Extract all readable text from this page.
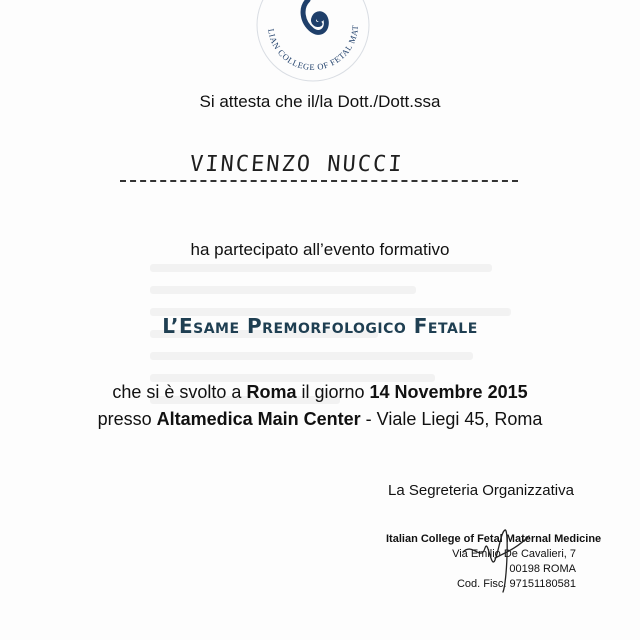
LIAN COLLEGE OF FETAL MAT
Si attesta che il/la Dott./Dott.ssa
VINCENZO NUCCI
ha partecipato all’evento formativo
L’Esame Premorfologico Fetale
che si è svolto a Roma il giorno 14 Novembre 2015
presso Altamedica Main Center - Viale Liegi 45, Roma
La Segreteria Organizzativa
Italian College of Fetal Maternal Medicine
Via Emilio De Cavalieri, 7
00198 ROMA
Cod. Fisc. 97151180581
